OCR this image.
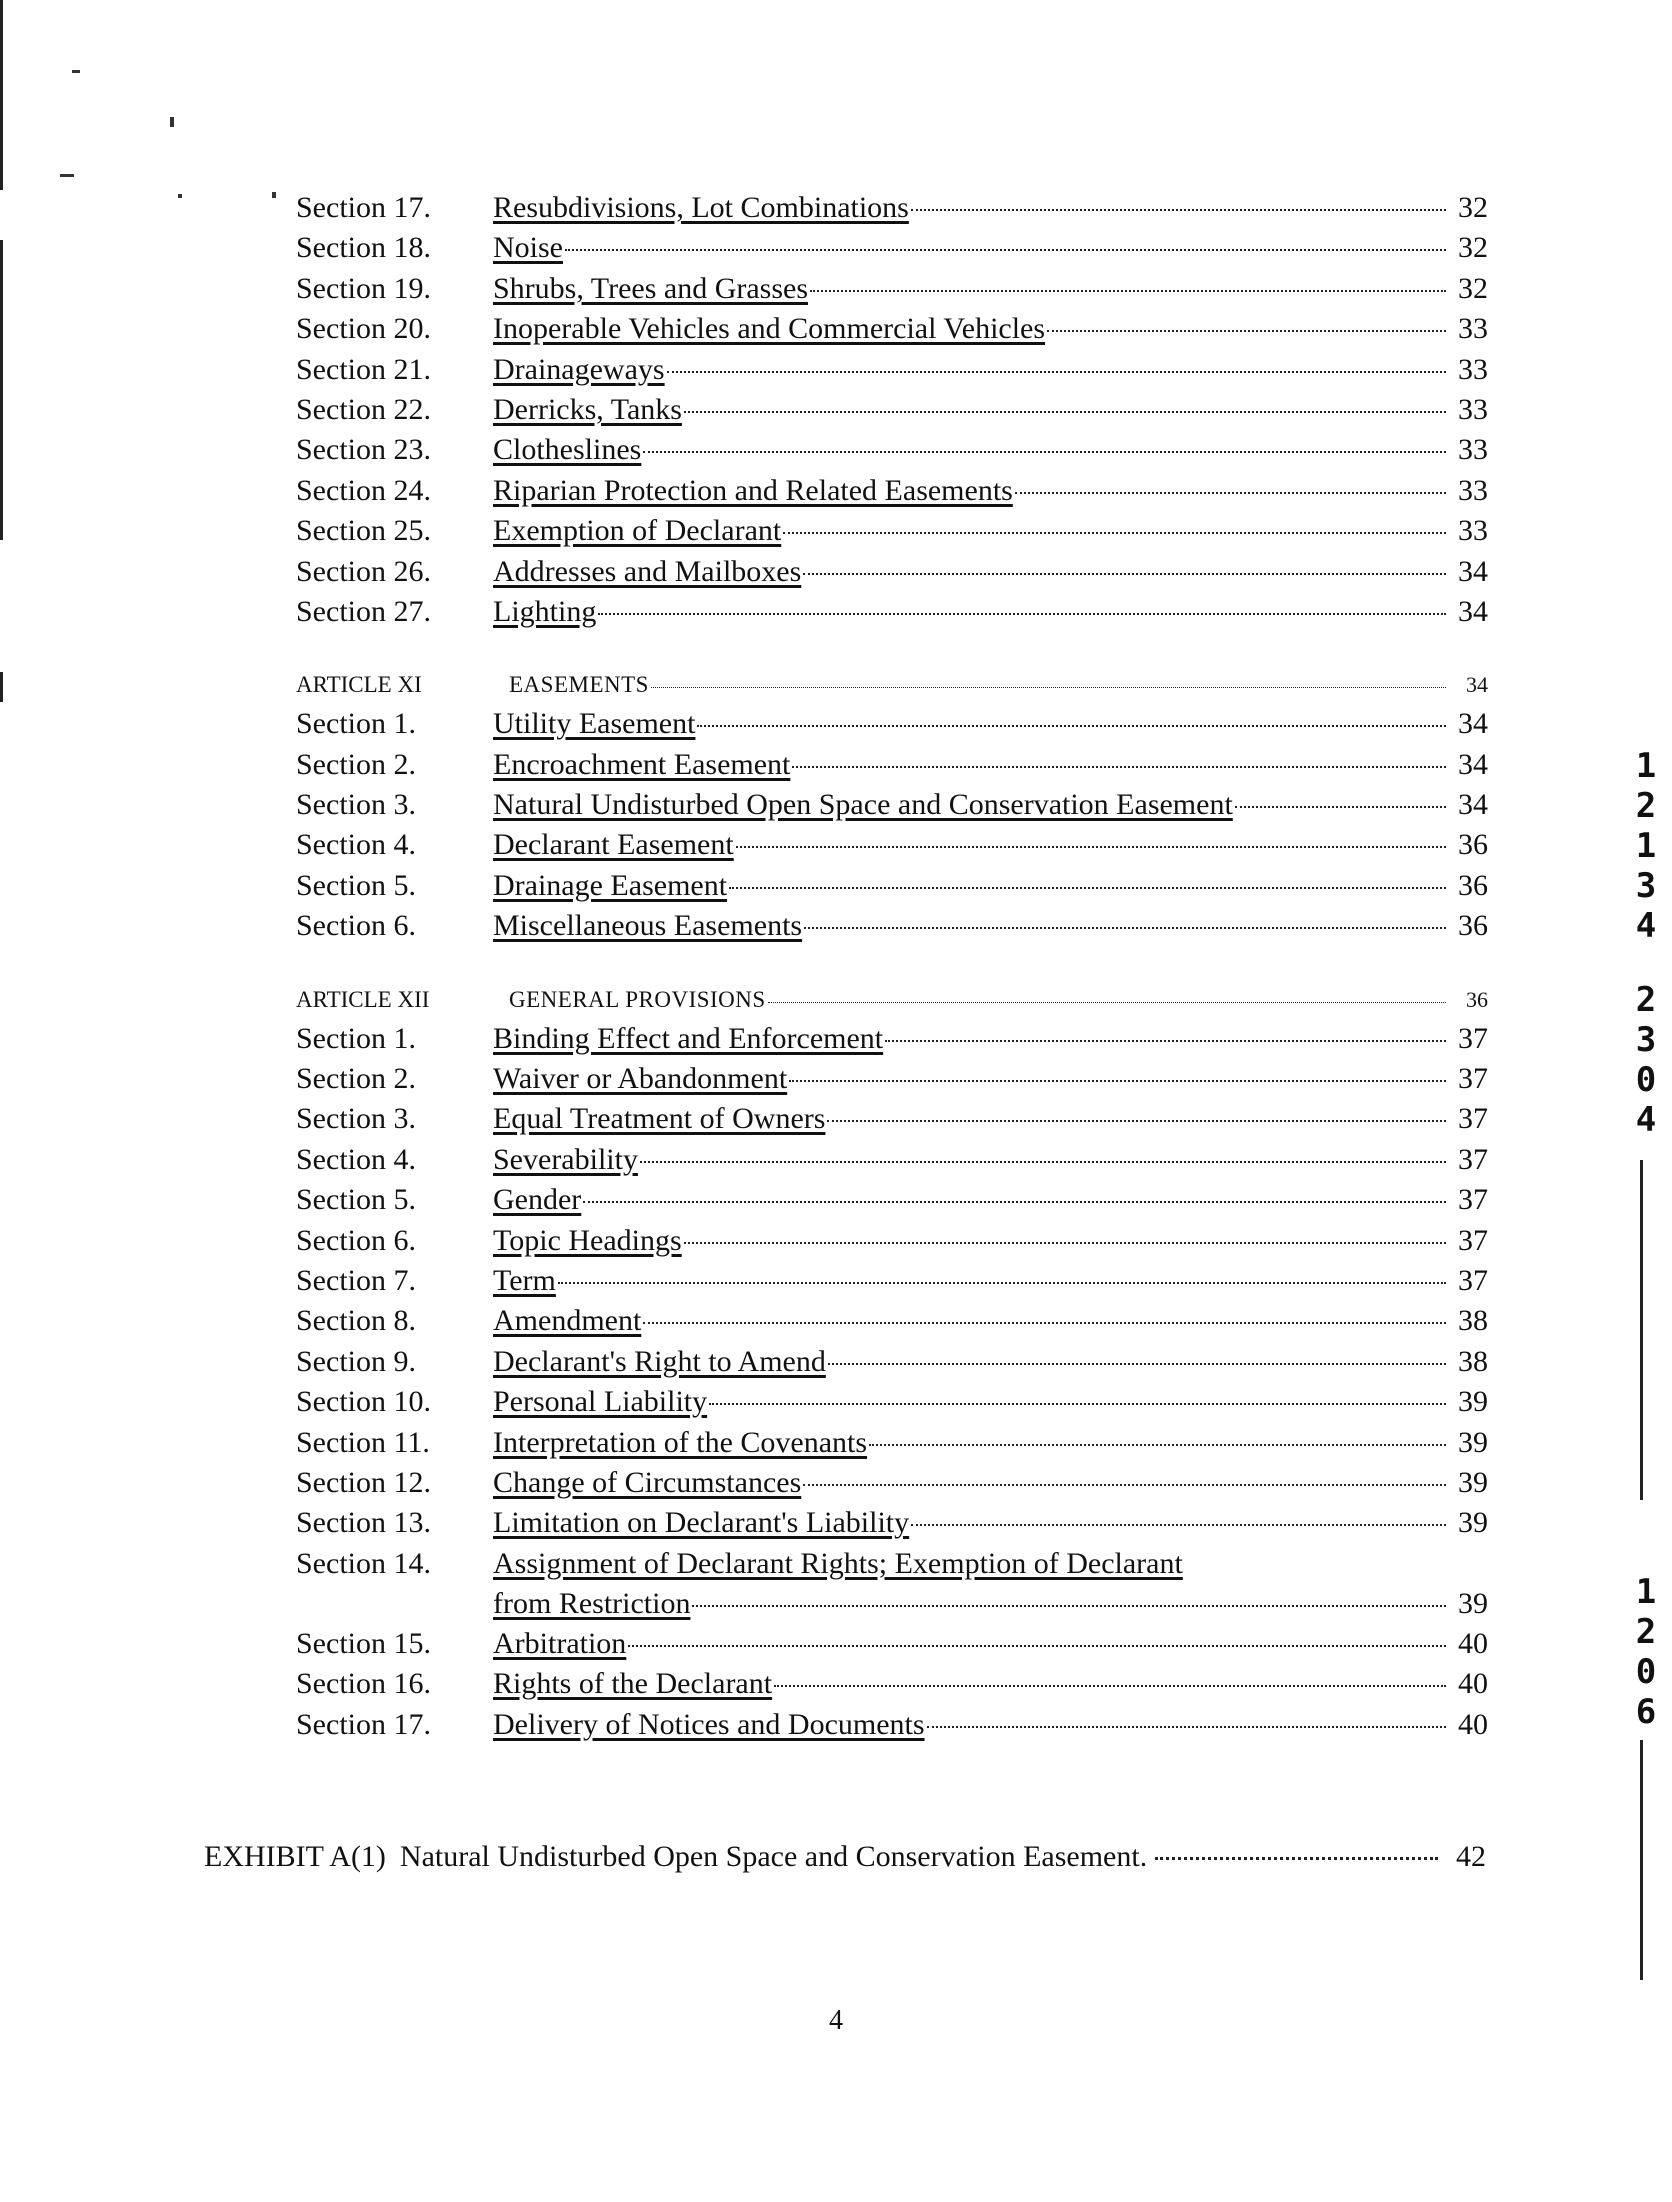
Section 17.	Resubdivisions, Lot Combinations	32
Section 18.	Noise	32
Section 19.	Shrubs, Trees and Grasses	32
Section 20.	Inoperable Vehicles and Commercial Vehicles	33
Section 21.	Drainageways	33
Section 22.	Derricks, Tanks	33
Section 23.	Clotheslines	33
Section 24.	Riparian Protection and Related Easements	33
Section 25.	Exemption of Declarant	33
Section 26.	Addresses and Mailboxes	34
Section 27.	Lighting	34
ARTICLE XI	EASEMENTS	34
Section 1.	Utility Easement	34
Section 2.	Encroachment Easement	34
Section 3.	Natural Undisturbed Open Space and Conservation Easement	34
Section 4.	Declarant Easement	36
Section 5.	Drainage Easement	36
Section 6.	Miscellaneous Easements	36
ARTICLE XII	GENERAL PROVISIONS	36
Section 1.	Binding Effect and Enforcement	37
Section 2.	Waiver or Abandonment	37
Section 3.	Equal Treatment of Owners	37
Section 4.	Severability	37
Section 5.	Gender	37
Section 6.	Topic Headings	37
Section 7.	Term	37
Section 8.	Amendment	38
Section 9.	Declarant's Right to Amend	38
Section 10.	Personal Liability	39
Section 11.	Interpretation of the Covenants	39
Section 12.	Change of Circumstances	39
Section 13.	Limitation on Declarant's Liability	39
Section 14.	Assignment of Declarant Rights; Exemption of Declarant
from Restriction	39
Section 15.	Arbitration	40
Section 16.	Rights of the Declarant	40
Section 17.	Delivery of Notices and Documents	40
EXHIBIT A(1) Natural Undisturbed Open Space and Conservation Easement.	42
4
1213
4
2304
1206
